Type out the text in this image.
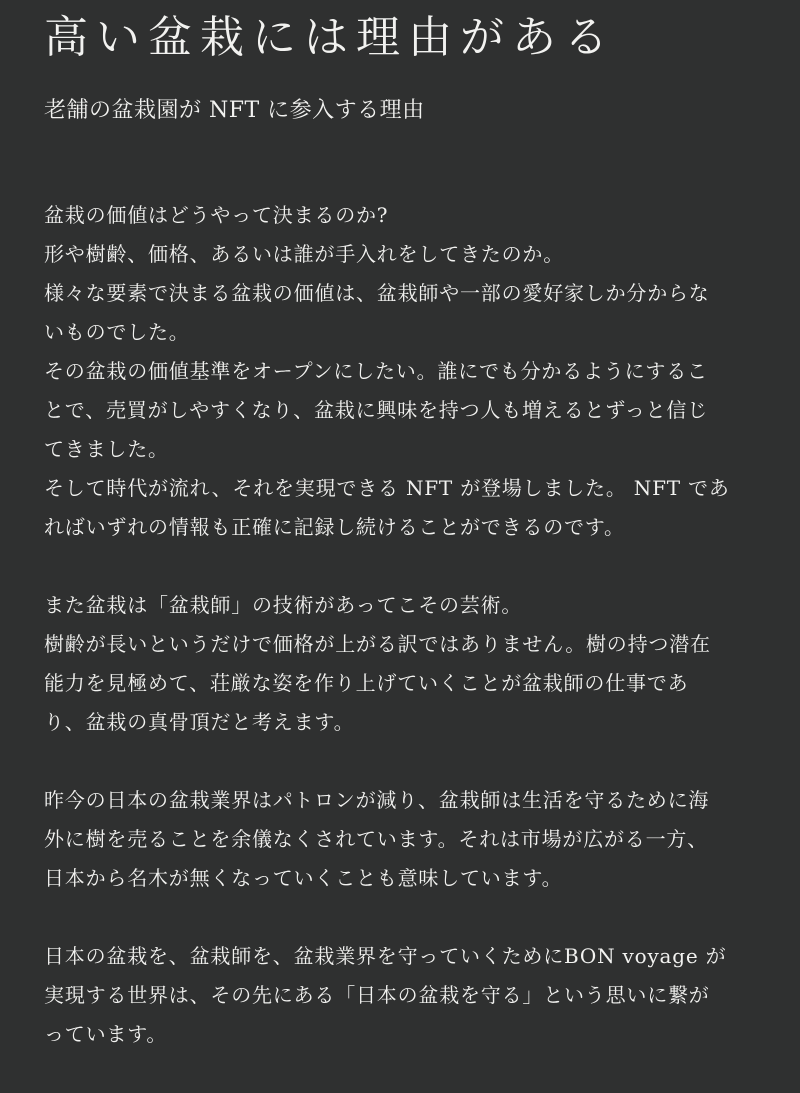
高い盆栽には理由がある
老舗の盆栽園が NFT に参入する理由

盆栽の価値はどうやって決まるのか?
形や樹齢、価格、あるいは誰が手入れをしてきたのか。
様々な要素で決まる盆栽の価値は、盆栽師や一部の愛好家しか分からな
いものでした。
その盆栽の価値基準をオープンにしたい。誰にでも分かるようにするこ
とで、売買がしやすくなり、盆栽に興味を持つ人も増えるとずっと信じ
てきました。
そして時代が流れ、それを実現できる NFT が登場しました。 NFT であ
ればいずれの情報も正確に記録し続けることができるのです。

また盆栽は「盆栽師」の技術があってこその芸術。
樹齢が長いというだけで価格が上がる訳ではありません。樹の持つ潜在
能力を見極めて、荘厳な姿を作り上げていくことが盆栽師の仕事であ
り、盆栽の真骨頂だと考えます。

昨今の日本の盆栽業界はパトロンが減り、盆栽師は生活を守るために海
外に樹を売ることを余儀なくされています。それは市場が広がる一方、
日本から名木が無くなっていくことも意味しています。

日本の盆栽を、盆栽師を、盆栽業界を守っていくためにBON voyage が
実現する世界は、その先にある「日本の盆栽を守る」という思いに繋が
っています。
